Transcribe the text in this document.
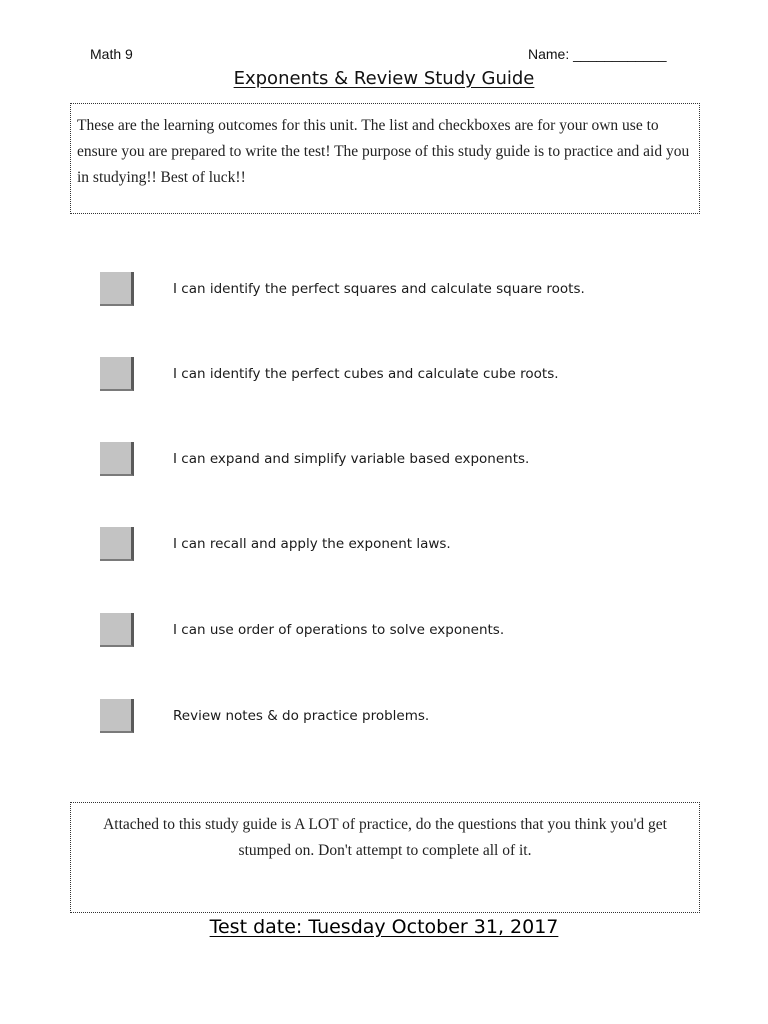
Math 9	Name: ____________
Exponents & Review Study Guide
These are the learning outcomes for this unit. The list and checkboxes are for your own use to ensure you are prepared to write the test! The purpose of this study guide is to practice and aid you in studying!! Best of luck!!
I can identify the perfect squares and calculate square roots.
I can identify the perfect cubes and calculate cube roots.
I can expand and simplify variable based exponents.
I can recall and apply the exponent laws.
I can use order of operations to solve exponents.
Review notes & do practice problems.
Attached to this study guide is A LOT of practice, do the questions that you think you'd get stumped on. Don't attempt to complete all of it.
Test date: Tuesday October 31, 2017
